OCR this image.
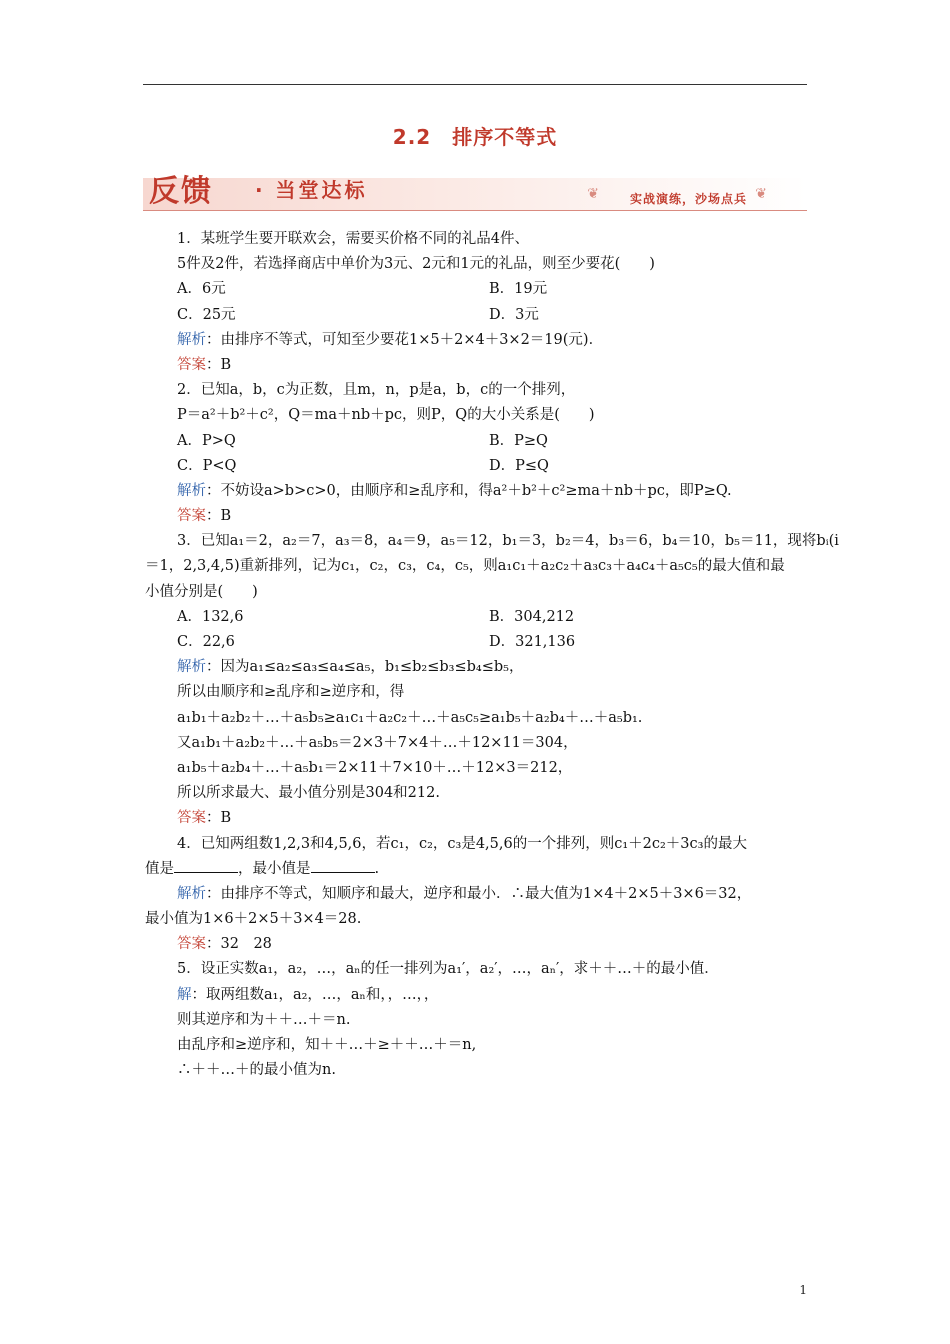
2.2　排序不等式
反馈 · 当堂达标	❦	实战演练，沙场点兵 ❦
1．某班学生要开联欢会，需要买价格不同的礼品4件、
5件及2件，若选择商店中单价为3元、2元和1元的礼品，则至少要花(　　)
A．6元	B．19元
C．25元	D．3元
解析：由排序不等式，可知至少要花1×5＋2×4＋3×2＝19(元)．
答案：B
2．已知a，b，c为正数，且m，n，p是a，b，c的一个排列，
P＝a²＋b²＋c²，Q＝ma＋nb＋pc，则P，Q的大小关系是(　　)
A．P>Q	B．P≥Q
C．P<Q	D．P≤Q
解析：不妨设a>b>c>0，由顺序和≥乱序和，得a²＋b²＋c²≥ma＋nb＋pc，即P≥Q.
答案：B
3．已知a₁＝2，a₂＝7，a₃＝8，a₄＝9，a₅＝12，b₁＝3，b₂＝4，b₃＝6，b₄＝10，b₅＝11，现将bᵢ(i
＝1，2,3,4,5)重新排列，记为c₁，c₂，c₃，c₄，c₅，则a₁c₁＋a₂c₂＋a₃c₃＋a₄c₄＋a₅c₅的最大值和最
小值分别是(　　)
A．132,6	B．304,212
C．22,6	D．321,136
解析：因为a₁≤a₂≤a₃≤a₄≤a₅，b₁≤b₂≤b₃≤b₄≤b₅，
所以由顺序和≥乱序和≥逆序和，得
a₁b₁＋a₂b₂＋…＋a₅b₅≥a₁c₁＋a₂c₂＋…＋a₅c₅≥a₁b₅＋a₂b₄＋…＋a₅b₁.
又a₁b₁＋a₂b₂＋…＋a₅b₅＝2×3＋7×4＋…＋12×11＝304，
a₁b₅＋a₂b₄＋…＋a₅b₁＝2×11＋7×10＋…＋12×3＝212，
所以所求最大、最小值分别是304和212.
答案：B
4．已知两组数1,2,3和4,5,6，若c₁，c₂，c₃是4,5,6的一个排列，则c₁＋2c₂＋3c₃的最大
值是	，最小值是	.
解析：由排序不等式，知顺序和最大，逆序和最小．∴最大值为1×4＋2×5＋3×6＝32，
最小值为1×6＋2×5＋3×4＝28.
答案：32　28
5．设正实数a₁，a₂，…，aₙ的任一排列为a₁′，a₂′，…，aₙ′，求＋＋…＋的最小值．
解：取两组数a₁，a₂，…，aₙ和，，…，，
则其逆序和为＋＋…＋＝n.
由乱序和≥逆序和，知＋＋…＋≥＋＋…＋＝n,
∴＋＋…＋的最小值为n.
1
